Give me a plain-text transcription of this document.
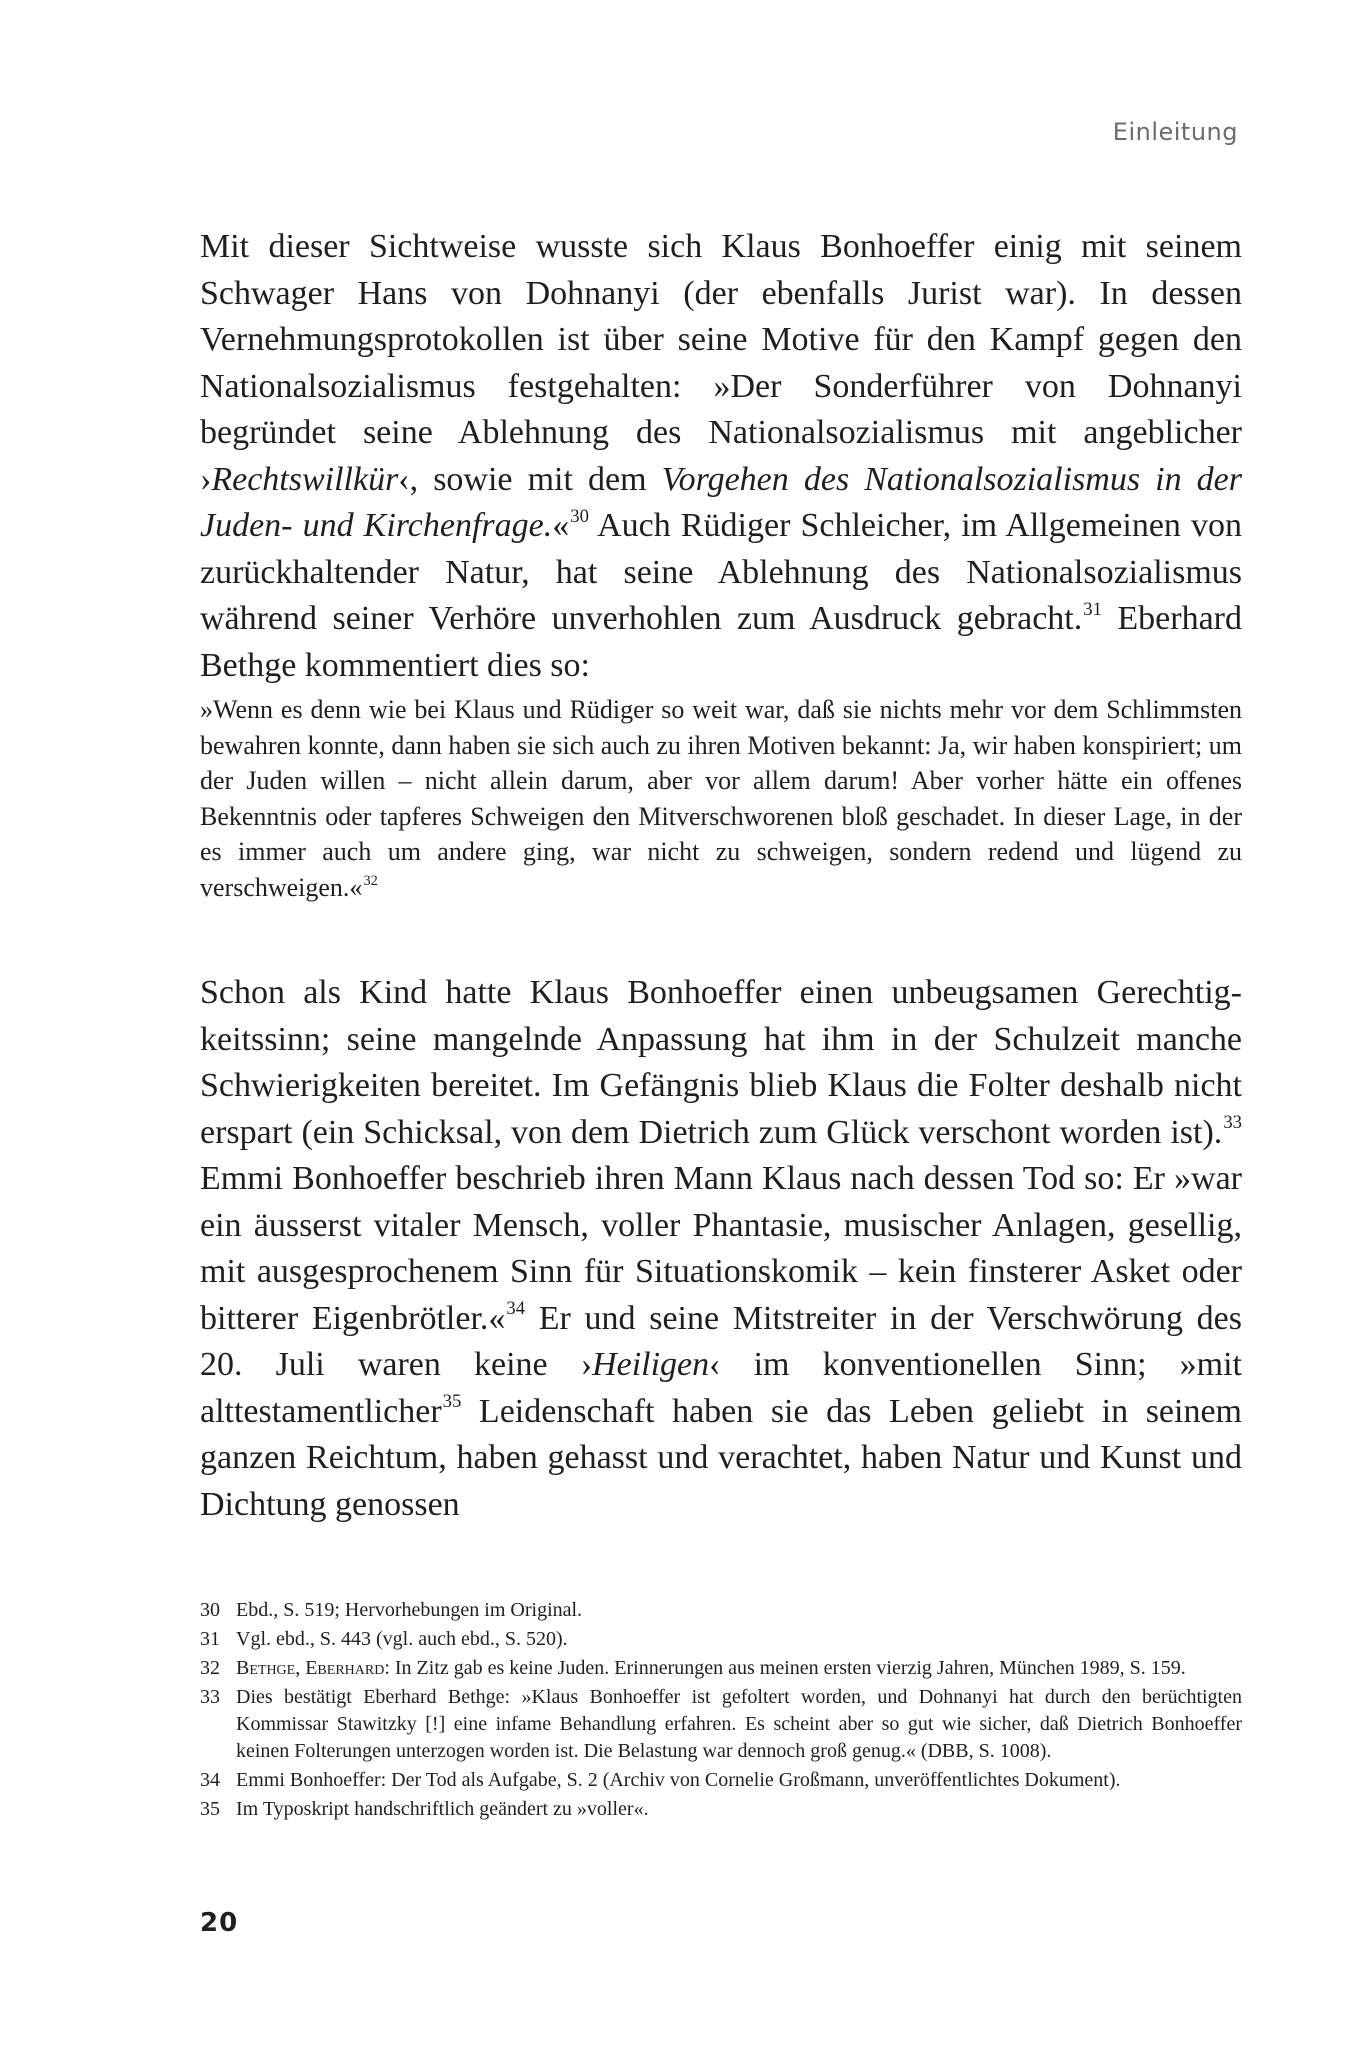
Einleitung

Mit dieser Sichtweise wusste sich Klaus Bonhoeffer einig mit seinem Schwager Hans von Dohnanyi (der ebenfalls Jurist war). In dessen Vernehmungsprotokollen ist über seine Motive für den Kampf gegen den Nationalsozialismus festgehalten: »Der Sonderführer von Dohnanyi begründet seine Ablehnung des Nationalsozialismus mit angeblicher ›Rechtswillkür‹, sowie mit dem Vorgehen des Nationalsozialismus in der Juden- und Kirchenfrage.«$^{30}$ Auch Rüdiger Schleicher, im Allgemeinen von zurückhaltender Natur, hat seine Ablehnung des Nationalsozialismus während seiner Verhöre unverhohlen zum Ausdruck gebracht.$^{31}$ Eberhard Bethge kommentiert dies so:

»Wenn es denn wie bei Klaus und Rüdiger so weit war, daß sie nichts mehr vor dem Schlimmsten bewahren konnte, dann haben sie sich auch zu ihren Motiven bekannt: Ja, wir haben konspiriert; um der Juden willen – nicht allein darum, aber vor allem darum! Aber vorher hätte ein offenes Bekenntnis oder tapferes Schweigen den Mitverschworenen bloß geschadet. In dieser Lage, in der es immer auch um andere ging, war nicht zu schweigen, sondern redend und lügend zu verschweigen.«$^{32}$

Schon als Kind hatte Klaus Bonhoeffer einen unbeugsamen Gerechtigkeitssinn; seine mangelnde Anpassung hat ihm in der Schulzeit manche Schwierigkeiten bereitet. Im Gefängnis blieb Klaus die Folter deshalb nicht erspart (ein Schicksal, von dem Dietrich zum Glück verschont worden ist).$^{33}$ Emmi Bonhoeffer beschrieb ihren Mann Klaus nach dessen Tod so: Er »war ein äusserst vitaler Mensch, voller Phantasie, musischer Anlagen, gesellig, mit ausgesprochenem Sinn für Situationskomik – kein finsterer Asket oder bitterer Eigenbrötler.«$^{34}$ Er und seine Mitstreiter in der Verschwörung des 20. Juli waren keine ›Heiligen‹ im konventionellen Sinn; »mit alttestamentlicher$^{35}$ Leidenschaft haben sie das Leben geliebt in seinem ganzen Reichtum, haben gehasst und verachtet, haben Natur und Kunst und Dichtung genossen

30 Ebd., S. 519; Hervorhebungen im Original.
31 Vgl. ebd., S. 443 (vgl. auch ebd., S. 520).
32 Bethge, Eberhard: In Zitz gab es keine Juden. Erinnerungen aus meinen ersten vierzig Jahren, München 1989, S. 159.
33 Dies bestätigt Eberhard Bethge: »Klaus Bonhoeffer ist gefoltert worden, und Dohnanyi hat durch den berüchtigten Kommissar Stawitzky [!] eine infame Behandlung erfahren. Es scheint aber so gut wie sicher, daß Dietrich Bonhoeffer keinen Folterungen unterzogen worden ist. Die Belastung war dennoch groß genug.« (DBB, S. 1008).
34 Emmi Bonhoeffer: Der Tod als Aufgabe, S. 2 (Archiv von Cornelie Großmann, unveröffentlichtes Dokument).
35 Im Typoskript handschriftlich geändert zu »voller«.
20
